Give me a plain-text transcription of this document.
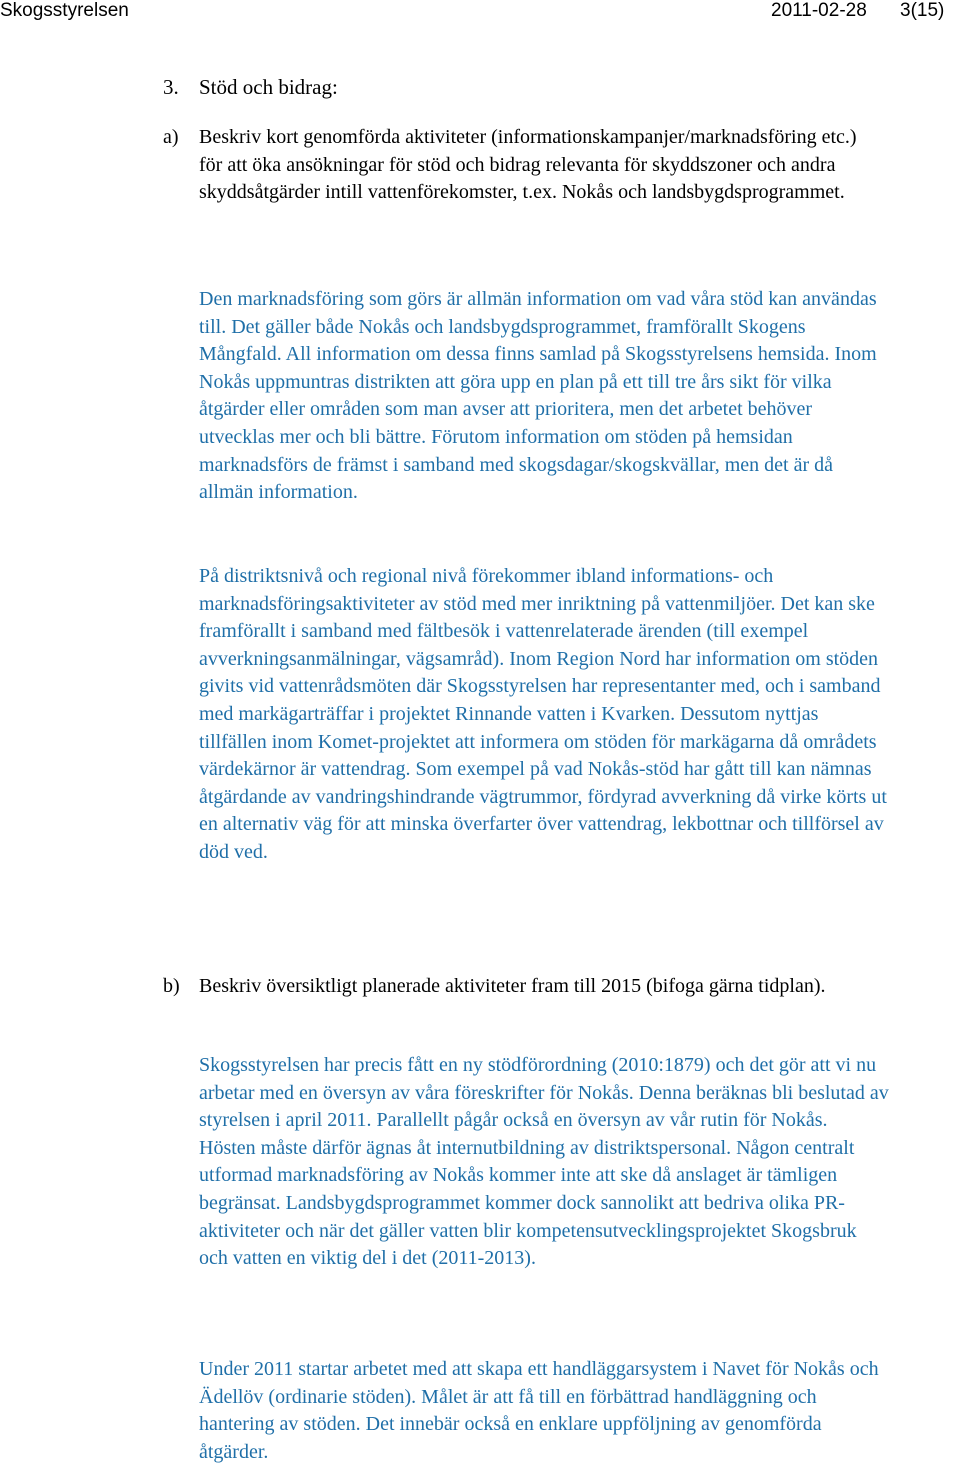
Skogsstyrelsen	2011-02-28 3(15)
3. Stöd och bidrag:
a) Beskriv kort genomförda aktiviteter (informationskampanjer/marknadsföring etc.) för att öka ansökningar för stöd och bidrag relevanta för skyddszoner och andra skyddsåtgärder intill vattenförekomster, t.ex. Nokås och landsbygdsprogrammet.

Den marknadsföring som görs är allmän information om vad våra stöd kan användas till. Det gäller både Nokås och landsbygdsprogrammet, framförallt Skogens Mångfald. All information om dessa finns samlad på Skogsstyrelsens hemsida. Inom Nokås uppmuntras distrikten att göra upp en plan på ett till tre års sikt för vilka åtgärder eller områden som man avser att prioritera, men det arbetet behöver utvecklas mer och bli bättre. Förutom information om stöden på hemsidan marknadsförs de främst i samband med skogsdagar/skogskvällar, men det är då allmän information.

På distriktsnivå och regional nivå förekommer ibland informations- och marknadsföringsaktiviteter av stöd med mer inriktning på vattenmiljöer. Det kan ske framförallt i samband med fältbesök i vattenrelaterade ärenden (till exempel avverkningsanmälningar, vägsamråd). Inom Region Nord har information om stöden givits vid vattenrådsmöten där Skogsstyrelsen har representanter med, och i samband med markägarträffar i projektet Rinnande vatten i Kvarken. Dessutom nyttjas tillfällen inom Komet-projektet att informera om stöden för markägarna då områdets värdekärnor är vattendrag. Som exempel på vad Nokås-stöd har gått till kan nämnas åtgärdande av vandringshindrande vägtrummor, fördyrad avverkning då virke körts ut en alternativ väg för att minska överfarter över vattendrag, lekbottnar och tillförsel av död ved.

b) Beskriv översiktligt planerade aktiviteter fram till 2015 (bifoga gärna tidplan).

Skogsstyrelsen har precis fått en ny stödförordning (2010:1879) och det gör att vi nu arbetar med en översyn av våra föreskrifter för Nokås. Denna beräknas bli beslutad av styrelsen i april 2011. Parallellt pågår också en översyn av vår rutin för Nokås. Hösten måste därför ägnas åt internutbildning av distriktspersonal. Någon centralt utformad marknadsföring av Nokås kommer inte att ske då anslaget är tämligen begränsat. Landsbygdsprogrammet kommer dock sannolikt att bedriva olika PR-aktiviteter och när det gäller vatten blir kompetensutvecklingsprojektet Skogsbruk och vatten en viktig del i det (2011-2013).

Under 2011 startar arbetet med att skapa ett handläggarsystem i Navet för Nokås och Ädellöv (ordinarie stöden). Målet är att få till en förbättrad handläggning och hantering av stöden. Det innebär också en enklare uppföljning av genomförda åtgärder.
